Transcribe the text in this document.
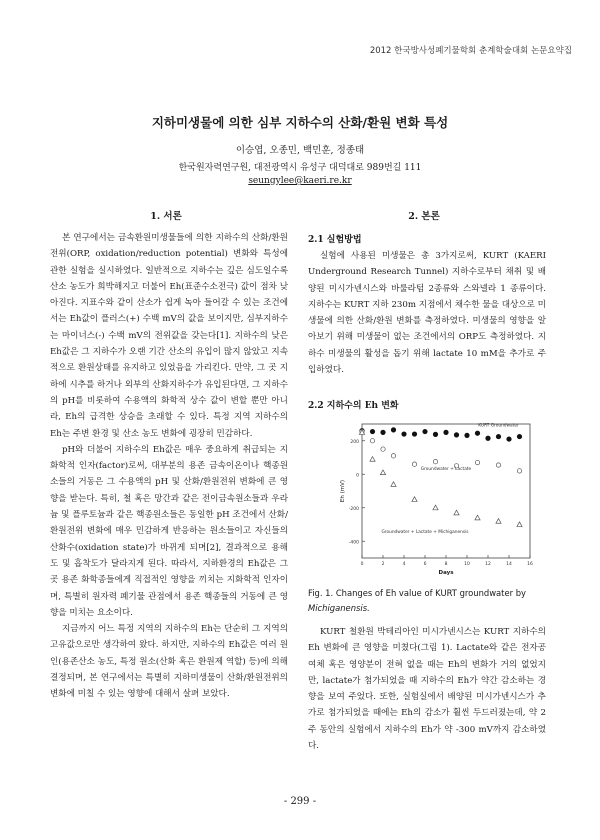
2012 한국방사성폐기물학회 춘계학술대회 논문요약집
지하미생물에 의한 심부 지하수의 산화/환원 변화 특성
이승엽, 오종민, 백민훈, 정종태
한국원자력연구원, 대전광역시 유성구 대덕대로 989번길 111
seungylee@kaeri.re.kr
1. 서론

본 연구에서는 금속환원미생물들에 의한 지하수의 산화/환원전위(ORP, oxidation/reduction potential) 변화와 특성에 관한 실험을 실시하였다. 일반적으로 지하수는 깊은 심도일수록 산소 농도가 희박해지고 더불어 Eh(표준수소전극) 값이 점차 낮아진다. 지표수와 같이 산소가 쉽게 녹아 들어갈 수 있는 조건에서는 Eh값이 플러스(+) 수백 mV의 값을 보이지만, 심부지하수는 마이너스(-) 수백 mV의 전위값을 갖는다[1]. 지하수의 낮은 Eh값은 그 지하수가 오랜 기간 산소의 유입이 많지 않았고 지속적으로 환원상태를 유지하고 있었음을 가리킨다. 만약, 그 곳 지하에 시추를 하거나 외부의 산화지하수가 유입된다면, 그 지하수의 pH를 비롯하여 수용액의 화학적 상수 값이 변할 뿐만 아니라, Eh의 급격한 상승을 초래할 수 있다. 특정 지역 지하수의 Eh는 주변 환경 및 산소 농도 변화에 굉장히 민감하다.

pH와 더불어 지하수의 Eh값은 매우 중요하게 취급되는 지화학적 인자(factor)로써, 대부분의 용존 금속이온이나 핵종원소들의 거동은 그 수용액의 pH 및 산화/환원전위 변화에 큰 영향을 받는다. 특히, 철 혹은 망간과 같은 전이금속원소들과 우라늄 및 플루토늄과 같은 핵종원소들은 동일한 pH 조건에서 산화/환원전위 변화에 매우 민감하게 반응하는 원소들이고 자신들의 산화수(oxidation state)가 바뀌게 되며[2], 결과적으로 용해도 및 흡착도가 달라지게 된다. 따라서, 지하환경의 Eh값은 그 곳 용존 화학종들에게 직접적인 영향을 끼치는 지화학적 인자이며, 특별히 원자력 폐기물 관점에서 용존 핵종들의 거동에 큰 영향을 미치는 요소이다.

지금까지 어느 특정 지역의 지하수의 Eh는 단순히 그 지역의 고유값으로만 생각하여 왔다. 하지만, 지하수의 Eh값은 여러 원인(용존산소 농도, 특정 원소(산화 혹은 환원제 역할) 등)에 의해 결정되며, 본 연구에서는 특별히 지하미생물이 산화/환원전위의 변화에 미칠 수 있는 영향에 대해서 살펴 보았다.

2. 본론
2.1 실험방법

실험에 사용된 미생물은 총 3가지로써, KURT (KAERI Underground Research Tunnel) 지하수로부터 채취 및 배양된 미시가넨시스와 바룰라텀 2종류와 스와넬라 1 종류이다. 지하수는 KURT 지하 230m 지점에서 채수한 물을 대상으로 미생물에 의한 산화/환원 변화를 측정하였다. 미생물의 영향을 알아보기 위해 미생물이 없는 조건에서의 ORP도 측정하였다. 지하수 미생물의 활성을 돕기 위해 lactate 10 mM을 추가로 주입하였다.

2.2 지하수의 Eh 변화
-400
-200
0
200
0	2	4	6	8	10	12	14	16
Days
Eh (mV)
KURT Groundwater
Groundwater + Lactate
Groundwater + Lactate + Michiganensis
Fig. 1. Changes of Eh value of KURT groundwater by Michiganensis.

KURT 철환원 박테리아인 미시가넨시스는 KURT 지하수의 Eh 변화에 큰 영향을 미쳤다(그림 1). Lactate와 같은 전자공여체 혹은 영양분이 전혀 없을 때는 Eh의 변화가 거의 없었지만, lactate가 첨가되었을 때 지하수의 Eh가 약간 감소하는 경향을 보여 주었다. 또한, 실험실에서 배양된 미시가넨시스가 추가로 첨가되었을 때에는 Eh의 감소가 훨씬 두드러졌는데, 약 2주 동안의 실험에서 지하수의 Eh가 약 -300 mV까지 감소하였다.

- 299 -
